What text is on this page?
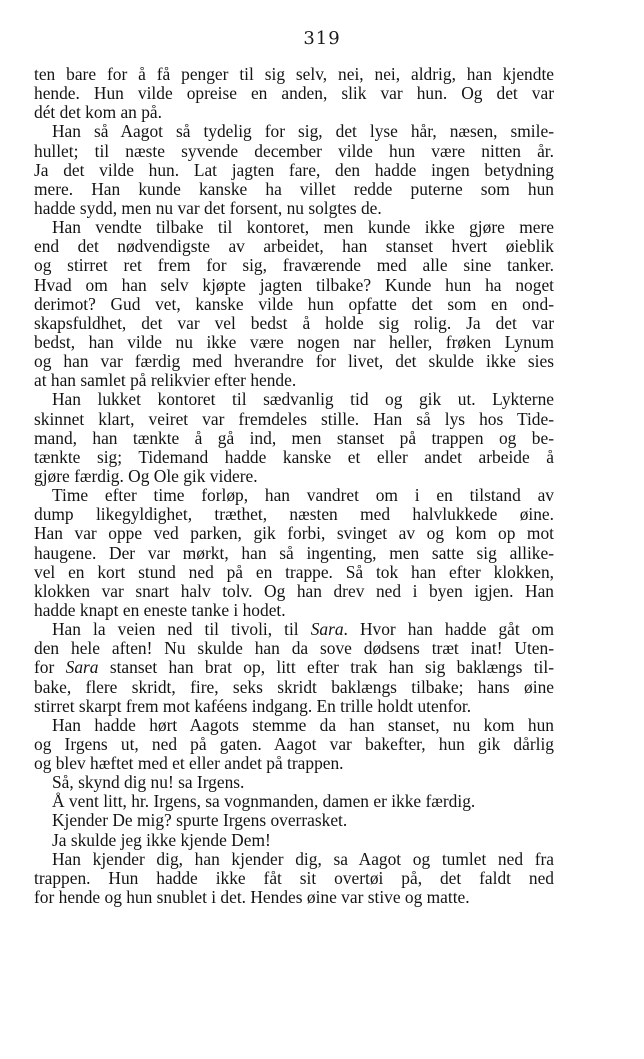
319
ten bare for å få penger til sig selv, nei, nei, aldrig, han kjendte
hende. Hun vilde opreise en anden, slik var hun. Og det var
dét det kom an på.
Han så Aagot så tydelig for sig, det lyse hår, næsen, smile-
hullet; til næste syvende december vilde hun være nitten år.
Ja det vilde hun. Lat jagten fare, den hadde ingen betydning
mere. Han kunde kanske ha villet redde puterne som hun
hadde sydd, men nu var det forsent, nu solgtes de.
Han vendte tilbake til kontoret, men kunde ikke gjøre mere
end det nødvendigste av arbeidet, han stanset hvert øieblik
og stirret ret frem for sig, fraværende med alle sine tanker.
Hvad om han selv kjøpte jagten tilbake? Kunde hun ha noget
derimot? Gud vet, kanske vilde hun opfatte det som en ond-
skapsfuldhet, det var vel bedst å holde sig rolig. Ja det var
bedst, han vilde nu ikke være nogen nar heller, frøken Lynum
og han var færdig med hverandre for livet, det skulde ikke sies
at han samlet på relikvier efter hende.
Han lukket kontoret til sædvanlig tid og gik ut. Lykterne
skinnet klart, veiret var fremdeles stille. Han så lys hos Tide-
mand, han tænkte å gå ind, men stanset på trappen og be-
tænkte sig; Tidemand hadde kanske et eller andet arbeide å
gjøre færdig. Og Ole gik videre.
Time efter time forløp, han vandret om i en tilstand av
dump likegyldighet, træthet, næsten med halvlukkede øine.
Han var oppe ved parken, gik forbi, svinget av og kom op mot
haugene. Der var mørkt, han så ingenting, men satte sig allike-
vel en kort stund ned på en trappe. Så tok han efter klokken,
klokken var snart halv tolv. Og han drev ned i byen igjen. Han
hadde knapt en eneste tanke i hodet.
Han la veien ned til tivoli, til Sara. Hvor han hadde gåt om
den hele aften! Nu skulde han da sove dødsens træt inat! Uten-
for Sara stanset han brat op, litt efter trak han sig baklængs til-
bake, flere skridt, fire, seks skridt baklængs tilbake; hans øine
stirret skarpt frem mot kaféens indgang. En trille holdt utenfor.
Han hadde hørt Aagots stemme da han stanset, nu kom hun
og Irgens ut, ned på gaten. Aagot var bakefter, hun gik dårlig
og blev hæftet med et eller andet på trappen.
Så, skynd dig nu! sa Irgens.
Å vent litt, hr. Irgens, sa vognmanden, damen er ikke færdig.
Kjender De mig? spurte Irgens overrasket.
Ja skulde jeg ikke kjende Dem!
Han kjender dig, han kjender dig, sa Aagot og tumlet ned fra
trappen. Hun hadde ikke fåt sit overtøi på, det faldt ned
for hende og hun snublet i det. Hendes øine var stive og matte.
